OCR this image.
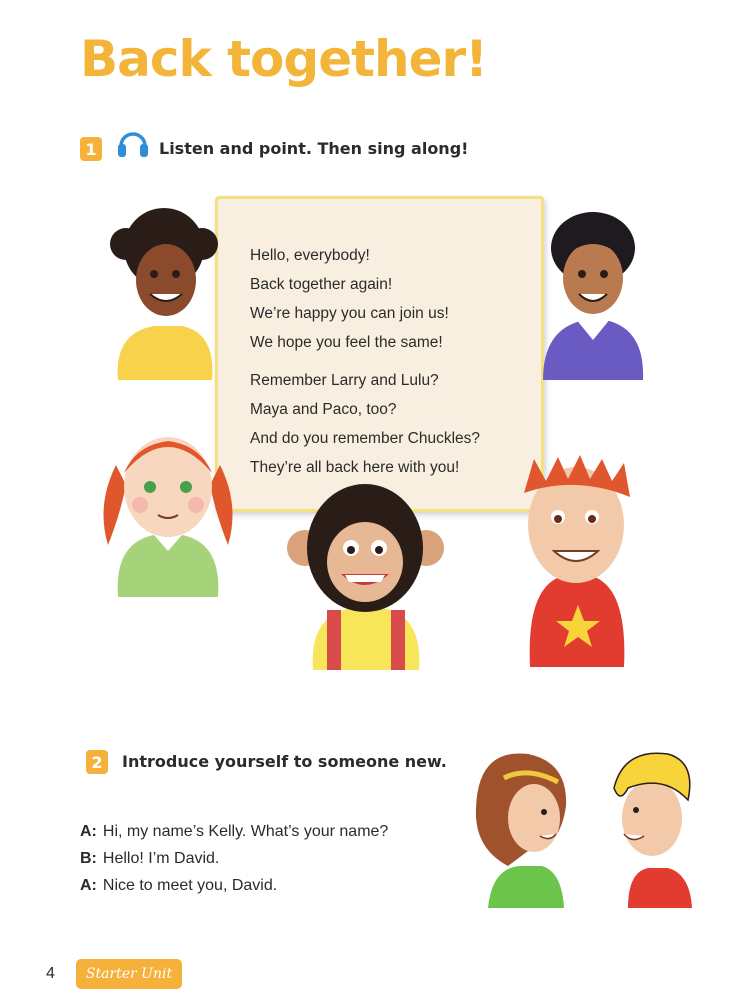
Back together!
1	Listen and point. Then sing along!
Hello, everybody!
Back together again!
We’re happy you can join us!
We hope you feel the same!
Remember Larry and Lulu?
Maya and Paco, too?
And do you remember Chuckles?
They’re all back here with you!
2	Introduce yourself to someone new.
A: Hi, my name’s Kelly. What’s your name?
B: Hello! I’m David.
A: Nice to meet you, David.
4 Starter Unit
